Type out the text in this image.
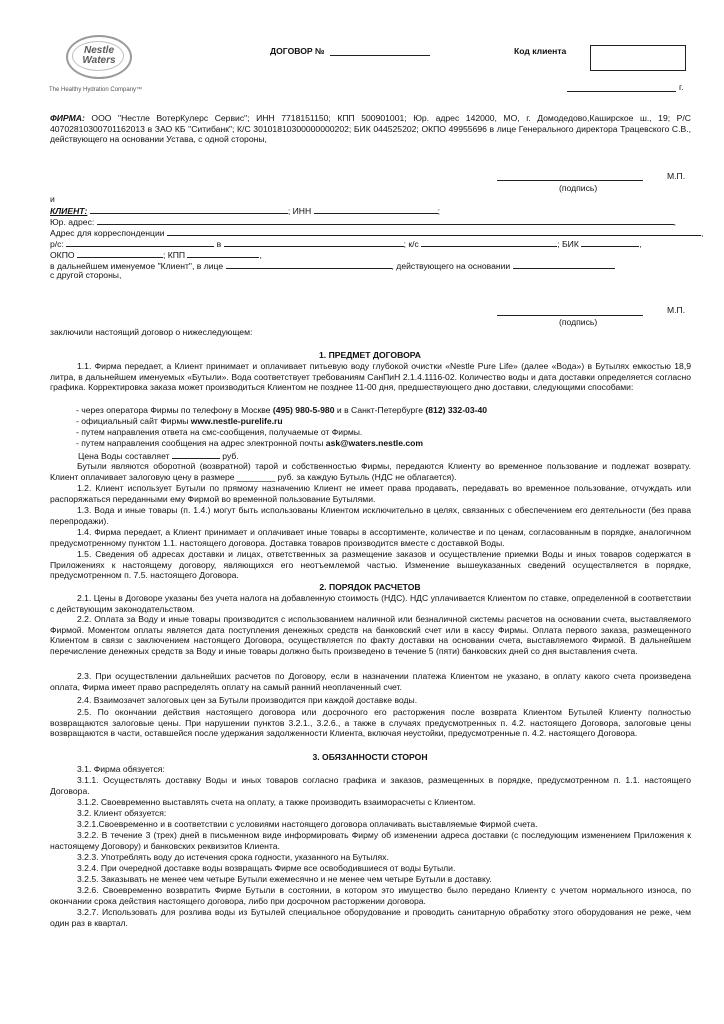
Nestle
Waters
The Healthy Hydration Company™
ДОГОВОР №	Код клиента
г.
ФИРМА: ООО "Нестле ВотерКулерс Сервис"; ИНН 7718151150; КПП 500901001; Юр. адрес 142000, МО, г. Домодедово,Каширское ш., 19; Р/С 40702810300701162013 в ЗАО КБ "Ситибанк"; К/С 30101810300000000202; БИК 044525202; ОКПО 49955696 в лице Генерального директора Трацевского С.В., действующего на основании Устава, с одной стороны,
М.П.
(подпись)
и
КЛИЕНТ:	; ИНН	;
Юр. адрес:	,
Адрес для корреспонденции	,
р/с:	в	; к/с	; БИК	,
ОКПО	; КПП	,
в дальнейшем именуемое "Клиент", в лице	, действующего на основании
с другой стороны,
М.П.
(подпись)
заключили настоящий договор о нижеследующем:
1. ПРЕДМЕТ ДОГОВОРА
1.1. Фирма передает, а Клиент принимает и оплачивает питьевую воду глубокой очистки «Nestle Pure Life» (далее «Вода») в Бутылях емкостью 18,9 литра, в дальнейшем именуемых «Бутыли». Вода соответствует требованиям СанПиН 2.1.4.1116-02. Количество воды и дата доставки определяется согласно графика. Корректировка заказа может производиться Клиентом не позднее 11-00 дня, предшествующего дню доставки, следующими способами:
- через оператора Фирмы по телефону в Москве (495) 980-5-980 и в Санкт-Петербурге (812) 332-03-40
- официальный сайт Фирмы www.nestle-purelife.ru
- путем направления ответа на смс-сообщения, получаемые от Фирмы.
- путем направления сообщения на адрес электронной почты ask@waters.nestle.com
Цена Воды составляет	руб.
Бутыли являются оборотной (возвратной) тарой и собственностью Фирмы, передаются Клиенту во временное пользование и подлежат возврату. Клиент оплачивает залоговую цену в размере ________ руб. за каждую Бутыль (НДС не облагается).
1.2. Клиент использует Бутыли по прямому назначению Клиент не имеет права продавать, передавать во временное пользование, отчуждать или распоряжаться переданными ему Фирмой во временной пользование Бутылями.
1.3. Вода и иные товары (п. 1.4.) могут быть использованы Клиентом исключительно в целях, связанных с обеспечением его деятельности (без права перепродажи).
1.4. Фирма передает, а Клиент принимает и оплачивает иные товары в ассортименте, количестве и по ценам, согласованным в порядке, аналогичном предусмотренному пунктом 1.1. настоящего договора. Доставка товаров производится вместе с доставкой Воды.
1.5. Сведения об адресах доставки и лицах, ответственных за размещение заказов и осуществление приемки Воды и иных товаров содержатся в Приложениях к настоящему договору, являющихся его неотъемлемой частью. Изменение вышеуказанных сведений осуществляется в порядке, предусмотренном п. 7.5. настоящего Договора.
2. ПОРЯДОК РАСЧЕТОВ
2.1. Цены в Договоре указаны без учета налога на добавленную стоимость (НДС). НДС уплачивается Клиентом по ставке, определенной в соответствии с действующим законодательством.
2.2. Оплата за Воду и иные товары производится с использованием наличной или безналичной системы расчетов на основании счета, выставляемого Фирмой. Моментом оплаты является дата поступления денежных средств на банковский счет или в кассу Фирмы. Оплата первого заказа, размещенного Клиентом в связи с заключением настоящего Договора, осуществляется по факту доставки на основании счета, выставляемого Фирмой. В дальнейшем перечисление денежных средств за Воду и иные товары должно быть произведено в течение 5 (пяти) банковских дней со дня выставления счета.
2.3. При осуществлении дальнейших расчетов по Договору, если в назначении платежа Клиентом не указано, в оплату какого счета произведена оплата, Фирма имеет право распределять оплату на самый ранний неоплаченный счет.
2.4. Взаимозачет залоговых цен за Бутыли производится при каждой доставке воды.
2.5. По окончании действия настоящего договора или досрочного его расторжения после возврата Клиентом Бутылей Клиенту полностью возвращаются залоговые цены. При нарушении пунктов 3.2.1., 3.2.6., а также в случаях предусмотренных п. 4.2. настоящего Договора, залоговые цены возвращаются в части, оставшейся после удержания задолженности Клиента, включая неустойки, предусмотренные п. 4.2. настоящего Договора.
3. ОБЯЗАННОСТИ СТОРОН
3.1. Фирма обязуется:
3.1.1. Осуществлять доставку Воды и иных товаров согласно графика и заказов, размещенных в порядке, предусмотренном п. 1.1. настоящего Договора.
3.1.2. Своевременно выставлять счета на оплату, а также производить взаиморасчеты с Клиентом.
3.2. Клиент обязуется:
3.2.1.Своевременно и в соответствии с условиями настоящего договора оплачивать выставляемые Фирмой счета.
3.2.2. В течение 3 (трех) дней в письменном виде информировать Фирму об изменении адреса доставки (с последующим изменением Приложения к настоящему Договору) и банковских реквизитов Клиента.
3.2.3. Употреблять воду до истечения срока годности, указанного на Бутылях.
3.2.4. При очередной доставке воды возвращать Фирме все освободившиеся от воды Бутыли.
3.2.5. Заказывать не менее чем четыре Бутыли ежемесячно и не менее чем четыре Бутыли в доставку.
3.2.6. Своевременно возвратить Фирме Бутыли в состоянии, в котором это имущество было передано Клиенту с учетом нормального износа, по окончании срока действия настоящего договора, либо при досрочном расторжении договора.
3.2.7. Использовать для розлива воды из Бутылей специальное оборудование и проводить санитарную обработку этого оборудования не реже, чем один раз в квартал.
